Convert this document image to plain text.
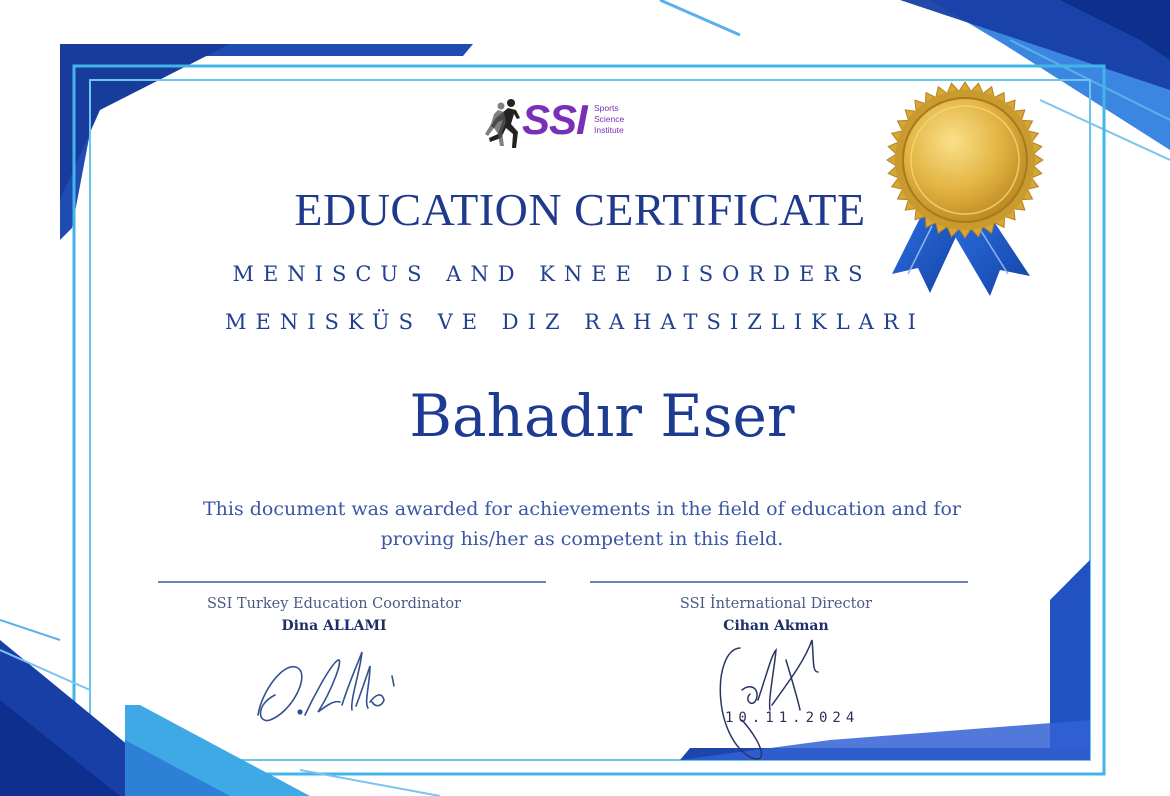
SSI Sports
Science
Institute
EDUCATION CERTIFICATE
MENISCUS AND KNEE DISORDERS
MENISKÜS VE DIZ RAHATSIZLIKLARI
Bahadır Eser
This document was awarded for achievements in the field of education and for
proving his/her as competent in this field.
SSI Turkey Education Coordinator
Dina ALLAMI
SSI İnternational Director
Cihan Akman
10.11.2024
